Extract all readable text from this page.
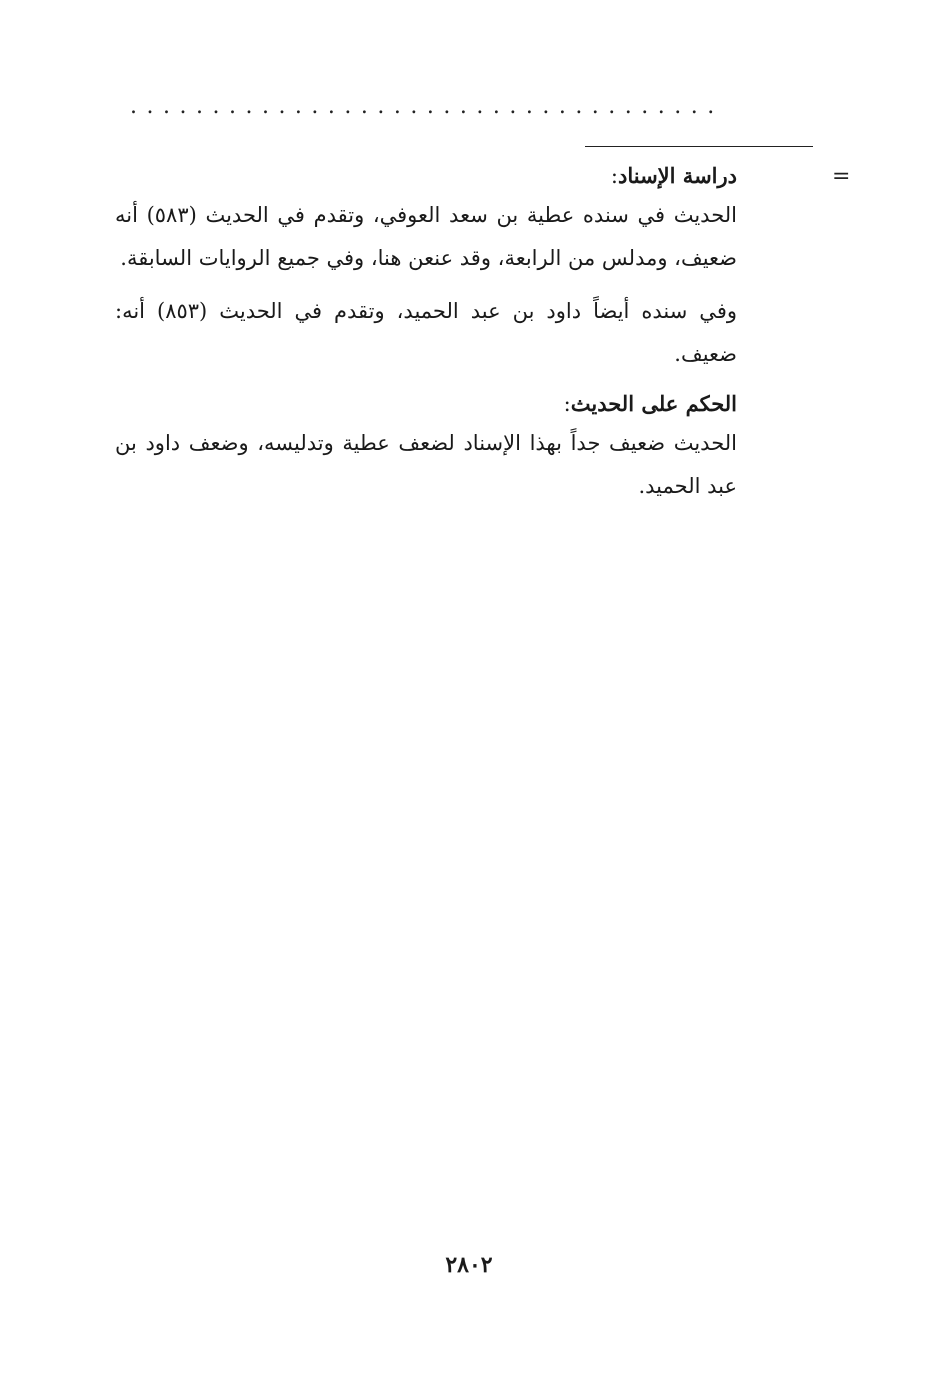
....................................
=
دراسة الإسناد:

الحديث في سنده عطية بن سعد العوفي، وتقدم في الحديث (٥٨٣) أنه ضعيف، ومدلس من الرابعة، وقد عنعن هنا، وفي جميع الروايات السابقة.

وفي سنده أيضاً داود بن عبد الحميد، وتقدم في الحديث (٨٥٣) أنه: ضعيف.

الحكم على الحديث:

الحديث ضعيف جداً بهذا الإسناد لضعف عطية وتدليسه، وضعف داود بن عبد الحميد.

٢٨٠٢
